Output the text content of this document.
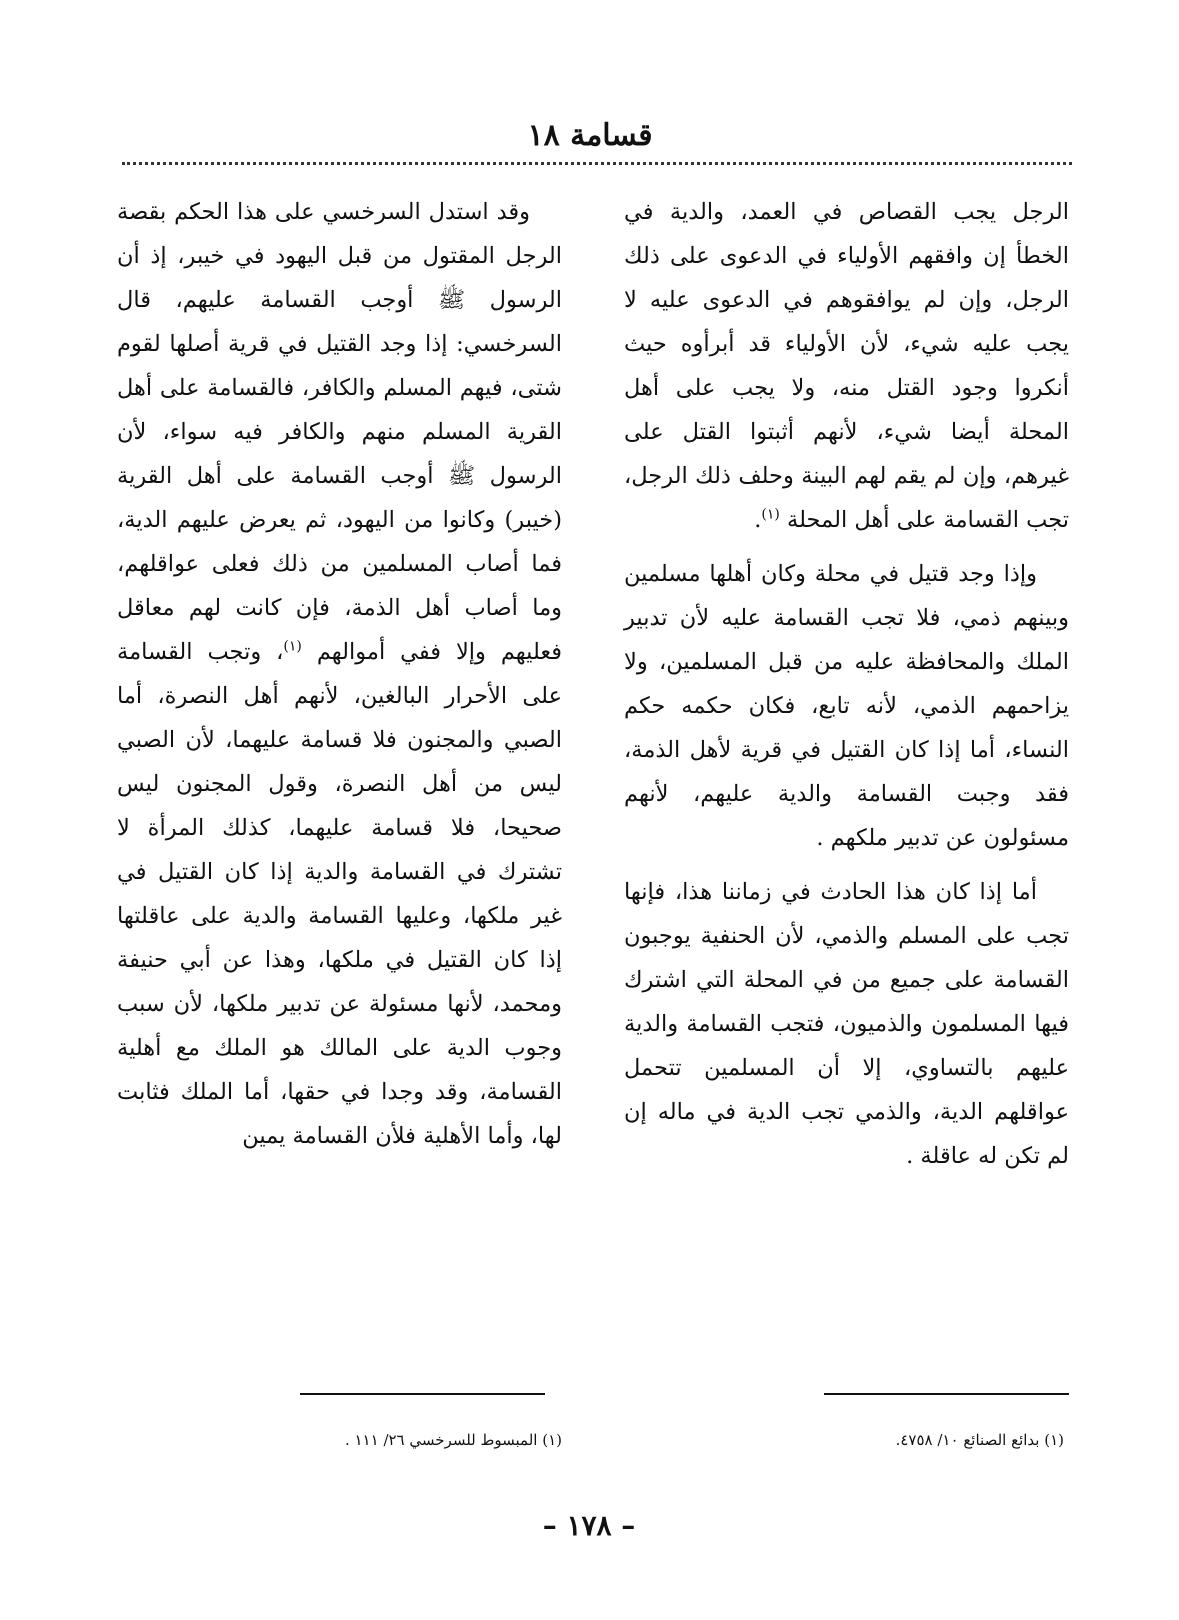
قسامة ١٨

الرجل يجب القصاص في العمد، والدية في الخطأ إن وافقهم الأولياء في الدعوى على ذلك الرجل، وإن لم يوافقوهم في الدعوى عليه لا يجب عليه شيء، لأن الأولياء قد أبرأوه حيث أنكروا وجود القتل منه، ولا يجب على أهل المحلة أيضا شيء، لأنهم أثبتوا القتل على غيرهم، وإن لم يقم لهم البينة وحلف ذلك الرجل، تجب القسامة على أهل المحلة $^{(١)}$.

وإذا وجد قتيل في محلة وكان أهلها مسلمين وبينهم ذمي، فلا تجب القسامة عليه لأن تدبير الملك والمحافظة عليه من قبل المسلمين، ولا يزاحمهم الذمي، لأنه تابع، فكان حكمه حكم النساء، أما إذا كان القتيل في قرية لأهل الذمة، فقد وجبت القسامة والدية عليهم، لأنهم مسئولون عن تدبير ملكهم .

أما إذا كان هذا الحادث في زماننا هذا، فإنها تجب على المسلم والذمي، لأن الحنفية يوجبون القسامة على جميع من في المحلة التي اشترك فيها المسلمون والذميون، فتجب القسامة والدية عليهم بالتساوي، إلا أن المسلمين تتحمل عواقلهم الدية، والذمي تجب الدية في ماله إن لم تكن له عاقلة .

وقد استدل السرخسي على هذا الحكم بقصة الرجل المقتول من قبل اليهود في خيبر، إذ أن الرسول ﷺ أوجب القسامة عليهم، قال السرخسي: إذا وجد القتيل في قرية أصلها لقوم شتى، فيهم المسلم والكافر، فالقسامة على أهل القرية المسلم منهم والكافر فيه سواء، لأن الرسول ﷺ أوجب القسامة على أهل القرية (خيبر) وكانوا من اليهود، ثم يعرض عليهم الدية، فما أصاب المسلمين من ذلك فعلى عواقلهم، وما أصاب أهل الذمة، فإن كانت لهم معاقل فعليهم وإلا ففي أموالهم $^{(١)}$، وتجب القسامة على الأحرار البالغين، لأنهم أهل النصرة، أما الصبي والمجنون فلا قسامة عليهما، لأن الصبي ليس من أهل النصرة، وقول المجنون ليس صحيحا، فلا قسامة عليهما، كذلك المرأة لا تشترك في القسامة والدية إذا كان القتيل في غير ملكها، وعليها القسامة والدية على عاقلتها إذا كان القتيل في ملكها، وهذا عن أبي حنيفة ومحمد، لأنها مسئولة عن تدبير ملكها، لأن سبب وجوب الدية على المالك هو الملك مع أهلية القسامة، وقد وجدا في حقها، أما الملك فثابت لها، وأما الأهلية فلأن القسامة يمين

(١) بدائع الصنائع ١٠/ ٤٧٥٨.
(١) المبسوط للسرخسي ٢٦/ ١١١ .
– ١٧٨ –
